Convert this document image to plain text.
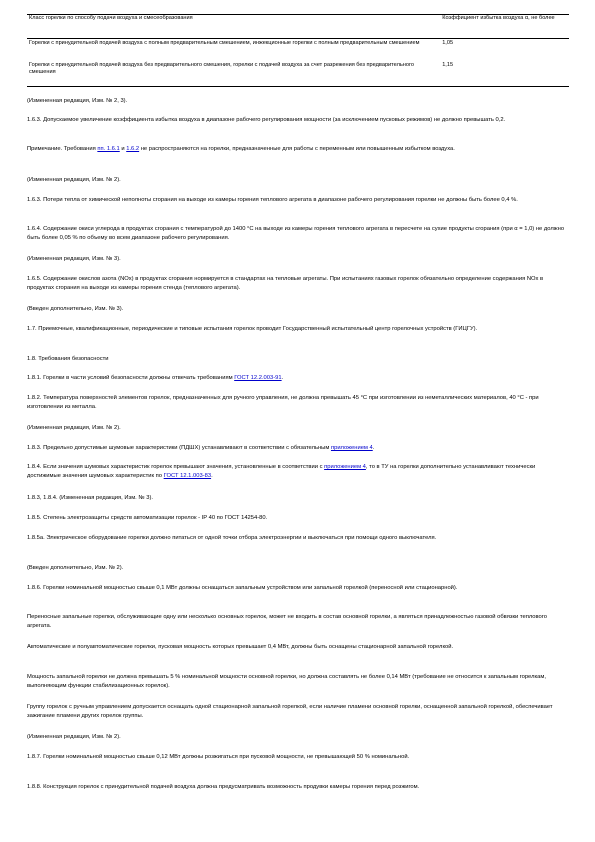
Класс горелки по способу подачи воздуха и смесеобразования	Коэффициент избытка воздуха α, не более
Горелки с принудительной подачей воздуха с полным предварительным смешением, инжекционные горелки с полным предварительным смешением	1,05
Горелки с принудительной подачей воздуха без предварительного смешения, горелки с подачей воздуха за счет разрежения без предварительного смешения	1,15

(Измененная редакция, Изм. № 2, 3).

1.6.3. Допускаемое увеличение коэффициента избытка воздуха в диапазоне рабочего регулирования мощности (за исключением пусковых режимов) не должно превышать 0,2.

Примечание. Требования пп. 1.6.1 и 1.6.2 не распространяются на горелки, предназначенные для работы с переменным или повышенным избытком воздуха.

(Измененная редакция, Изм. № 2).

1.6.3. Потери тепла от химической неполноты сгорания на выходе из камеры горения теплового агрегата в диапазоне рабочего регулирования горелки не должны быть более 0,4 %.

1.6.4. Содержание окиси углерода в продуктах сгорания с температурой до 1400 °C на выходе из камеры горения теплового агрегата в пересчете на сухие продукты сгорания (при α = 1,0) не должно быть более 0,05 % по объему во всем диапазоне рабочего регулирования.

(Измененная редакция, Изм. № 3).

1.6.5. Содержание окислов азота (NOx) в продуктах сгорания нормируется в стандартах на тепловые агрегаты. При испытаниях газовых горелок обязательно определение содержания NOx в продуктах сгорания на выходе из камеры горения стенда (теплового агрегата).

(Введен дополнительно, Изм. № 3).

1.7. Приемочные, квалификационные, периодические и типовые испытания горелок проводит Государственный испытательный центр горелочных устройств (ГИЦГУ).

1.8. Требования безопасности

1.8.1. Горелки в части условий безопасности должны отвечать требованиям ГОСТ 12.2.003-91.

1.8.2. Температура поверхностей элементов горелок, предназначенных для ручного управления, не должна превышать 45 °C при изготовлении из неметаллических материалов, 40 °C - при изготовлении из металла.

(Измененная редакция, Изм. № 2).

1.8.3. Предельно допустимые шумовые характеристики (ПДШХ) устанавливают в соответствии с обязательным приложением 4.

1.8.4. Если значения шумовых характеристик горелок превышают значения, установленные в соответствии с приложением 4, то в ТУ на горелки дополнительно устанавливают технически достижимые значения шумовых характеристик по ГОСТ 12.1.003-83.

1.8.3, 1.8.4. (Измененная редакция, Изм. № 3).

1.8.5. Степень электрозащиты средств автоматизации горелок - IP 40 по ГОСТ 14254-80.

1.8.5а. Электрическое оборудование горелки должно питаться от одной точки отбора электроэнергии и выключаться при помощи одного выключателя.

(Введен дополнительно, Изм. № 2).

1.8.6. Горелки номинальной мощностью свыше 0,1 МВт должны оснащаться запальным устройством или запальной горелкой (переносной или стационарной).

Переносные запальные горелки, обслуживающие одну или несколько основных горелок, может не входить в состав основной горелки, а являться принадлежностью газовой обвязки теплового агрегата.

Автоматические и полуавтоматические горелки, пусковая мощность которых превышает 0,4 МВт, должны быть оснащены стационарной запальной горелкой.

Мощность запальной горелки не должна превышать 5 % номинальной мощности основной горелки, но должна составлять не более 0,14 МВт (требование не относится к запальным горелкам, выполняющим функции стабилизационных горелок).

Группу горелок с ручным управлением допускается оснащать одной стационарной запальной горелкой, если наличие пламени основной горелки, оснащенной запальной горелкой, обеспечивает зажигание пламени других горелок группы.

(Измененная редакция, Изм. № 2).

1.8.7. Горелки номинальной мощностью свыше 0,12 МВт должны розжигаться при пусковой мощности, не превышающей 50 % номинальной.

1.8.8. Конструкция горелок с принудительной подачей воздуха должна предусматривать возможность продувки камеры горения перед розжигом.
